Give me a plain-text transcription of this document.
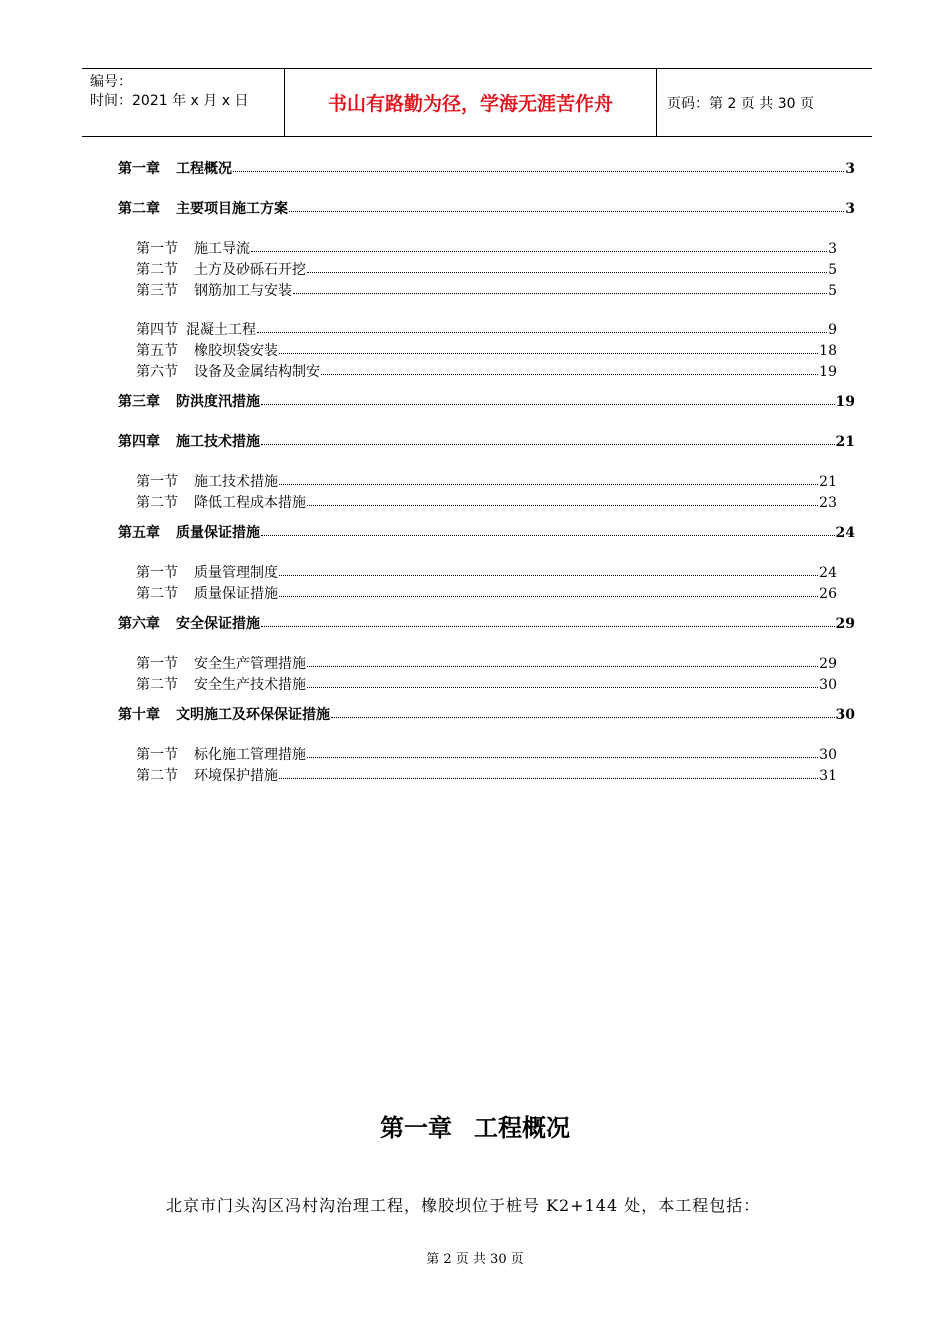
编号：
时间：2021 年 x 月 x 日	书山有路勤为径，学海无涯苦作舟	页码：第 2 页 共 30 页
第一章 工程概况	3
第二章 主要项目施工方案	3
第一节 施工导流	3
第二节 土方及砂砾石开挖	5
第三节 钢筋加工与安装	5
第四节 混凝土工程	9
第五节 橡胶坝袋安装	18
第六节 设备及金属结构制安	19
第三章 防洪度汛措施	19
第四章 施工技术措施	21
第一节 施工技术措施	21
第二节 降低工程成本措施	23
第五章 质量保证措施	24
第一节 质量管理制度	24
第二节 质量保证措施	26
第六章 安全保证措施	29
第一节 安全生产管理措施	29
第二节 安全生产技术措施	30
第十章 文明施工及环保保证措施	30
第一节 标化施工管理措施	30
第二节 环境保护措施	31
第一章 工程概况
北京市门头沟区冯村沟治理工程，橡胶坝位于桩号 K2+144 处，本工程包括：
第 2 页 共 30 页
